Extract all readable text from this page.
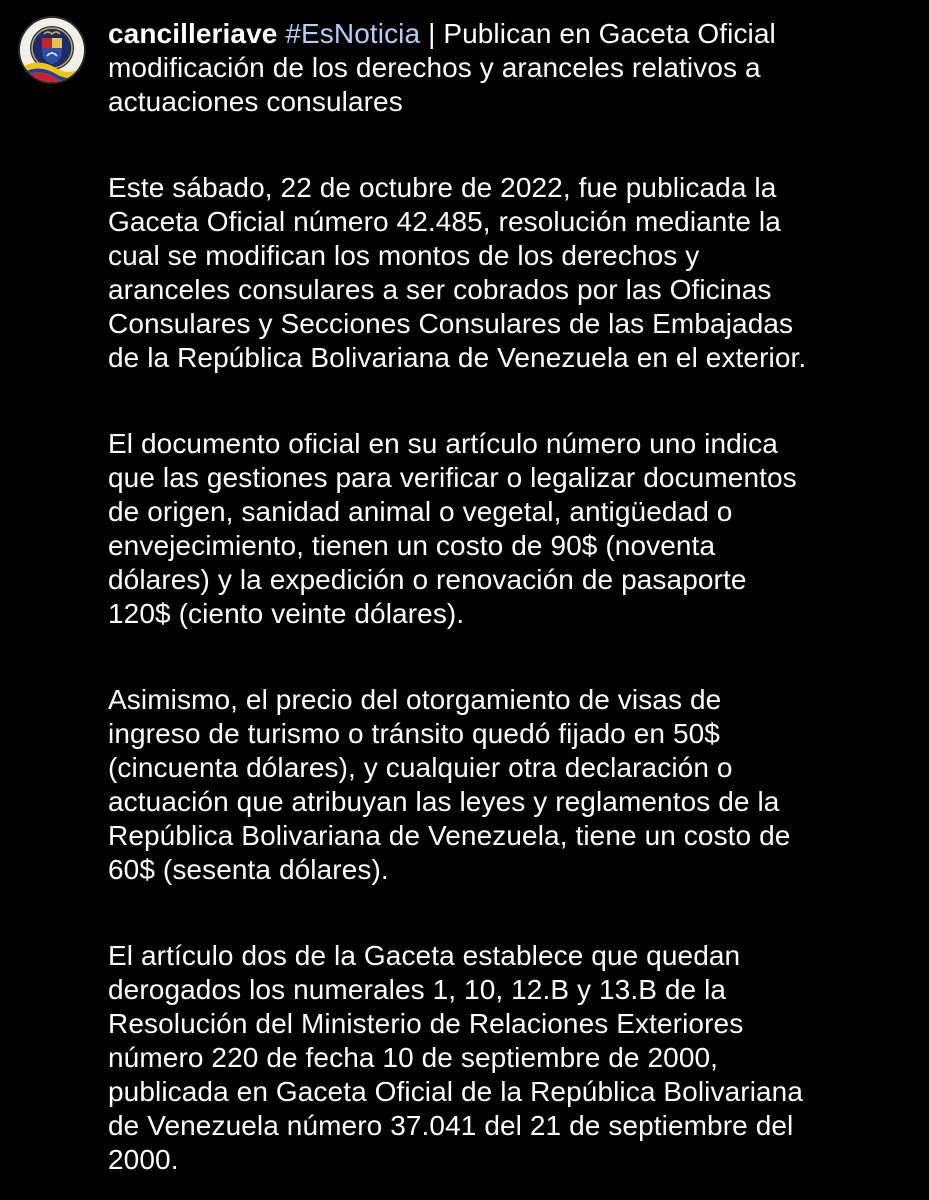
cancilleriave #EsNoticia | Publican en Gaceta Oficial modificación de los derechos y aranceles relativos a actuaciones consulares

Este sábado, 22 de octubre de 2022, fue publicada la
Gaceta Oficial número 42.485, resolución mediante la
cual se modifican los montos de los derechos y
aranceles consulares a ser cobrados por las Oficinas
Consulares y Secciones Consulares de las Embajadas
de la República Bolivariana de Venezuela en el exterior.

El documento oficial en su artículo número uno indica
que las gestiones para verificar o legalizar documentos
de origen, sanidad animal o vegetal, antigüedad o
envejecimiento, tienen un costo de 90$ (noventa
dólares) y la expedición o renovación de pasaporte
120$ (ciento veinte dólares).

Asimismo, el precio del otorgamiento de visas de
ingreso de turismo o tránsito quedó fijado en 50$
(cincuenta dólares), y cualquier otra declaración o
actuación que atribuyan las leyes y reglamentos de la
República Bolivariana de Venezuela, tiene un costo de
60$ (sesenta dólares).

El artículo dos de la Gaceta establece que quedan
derogados los numerales 1, 10, 12.B y 13.B de la
Resolución del Ministerio de Relaciones Exteriores
número 220 de fecha 10 de septiembre de 2000,
publicada en Gaceta Oficial de la República Bolivariana
de Venezuela número 37.041 del 21 de septiembre del
2000.
